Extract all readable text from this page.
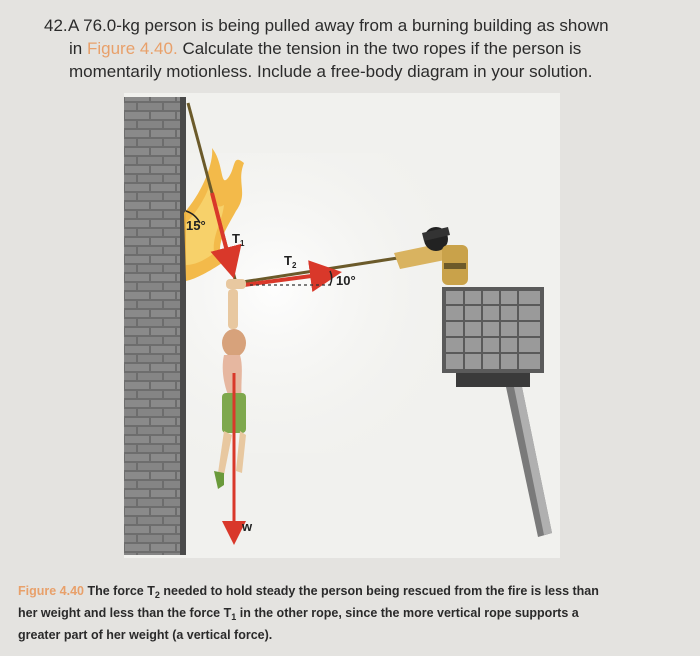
42.A 76.0-kg person is being pulled away from a burning building as shown
in Figure 4.40. Calculate the tension in the two ropes if the person is
momentarily motionless. Include a free-body diagram in your solution.
15°
$T_1$
$T_2$
10°
w
Figure 4.40 The force $T_2$ needed to hold steady the person being rescued from the fire is less than
her weight and less than the force $T_1$ in the other rope, since the more vertical rope supports a
greater part of her weight (a vertical force).
